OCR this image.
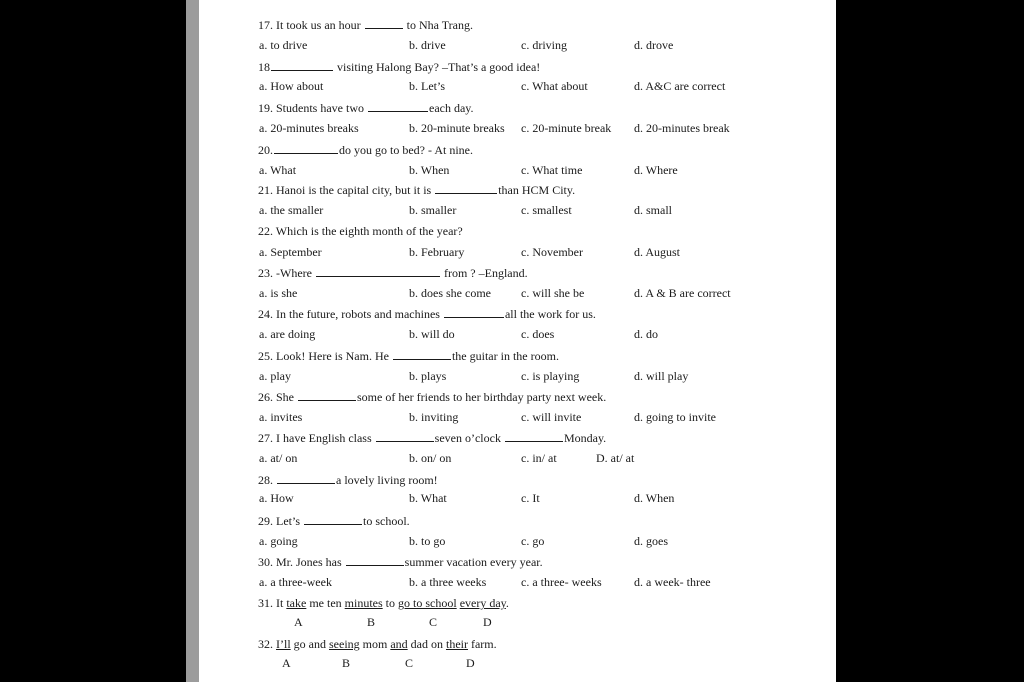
17. It took us an hour	to Nha Trang.
a. to drive	b. drive	c. driving	d. drove
18	visiting Halong Bay? –That’s a good idea!
a. How about	b. Let’s	c. What about	d. A&C are correct
19. Students have two	each day.
a. 20-minutes breaks	b. 20-minute breaks c. 20-minute break d. 20-minutes break
20.	do you go to bed? - At nine.
a. What	b. When	c. What time	d. Where
21. Hanoi is the capital city, but it is	than HCM City.
a. the smaller	b. smaller	c. smallest	d. small
22. Which is the eighth month of the year?
a. September	b. February	c. November	d. August
23. -Where	from ? –England.
a. is she	b. does she come	c. will she be	d. A & B are correct
24. In the future, robots and machines	all the work for us.
a. are doing	b. will do	c. does	d. do
25. Look! Here is Nam. He	the guitar in the room.
a. play	b. plays	c. is playing	d. will play
26. She	some of her friends to her birthday party next week.
a. invites	b. inviting	c. will invite	d. going to invite
27. I have English class	seven o’clock	Monday.
a. at/ on	b. on/ on	c. in/ at	D. at/ at
28.	a lovely living room!
a. How	b. What	c. It	d. When
29. Let’s	to school.
a. going	b. to go	c. go	d. goes
30. Mr. Jones has	summer vacation every year.
a. a three-week	b. a three weeks	c. a three- weeks	d. a week- three
31. It take me ten minutes to go to school every day.
A	B	C	D
32. I’ll go and seeing mom and dad on their farm.
A	B	C	D
